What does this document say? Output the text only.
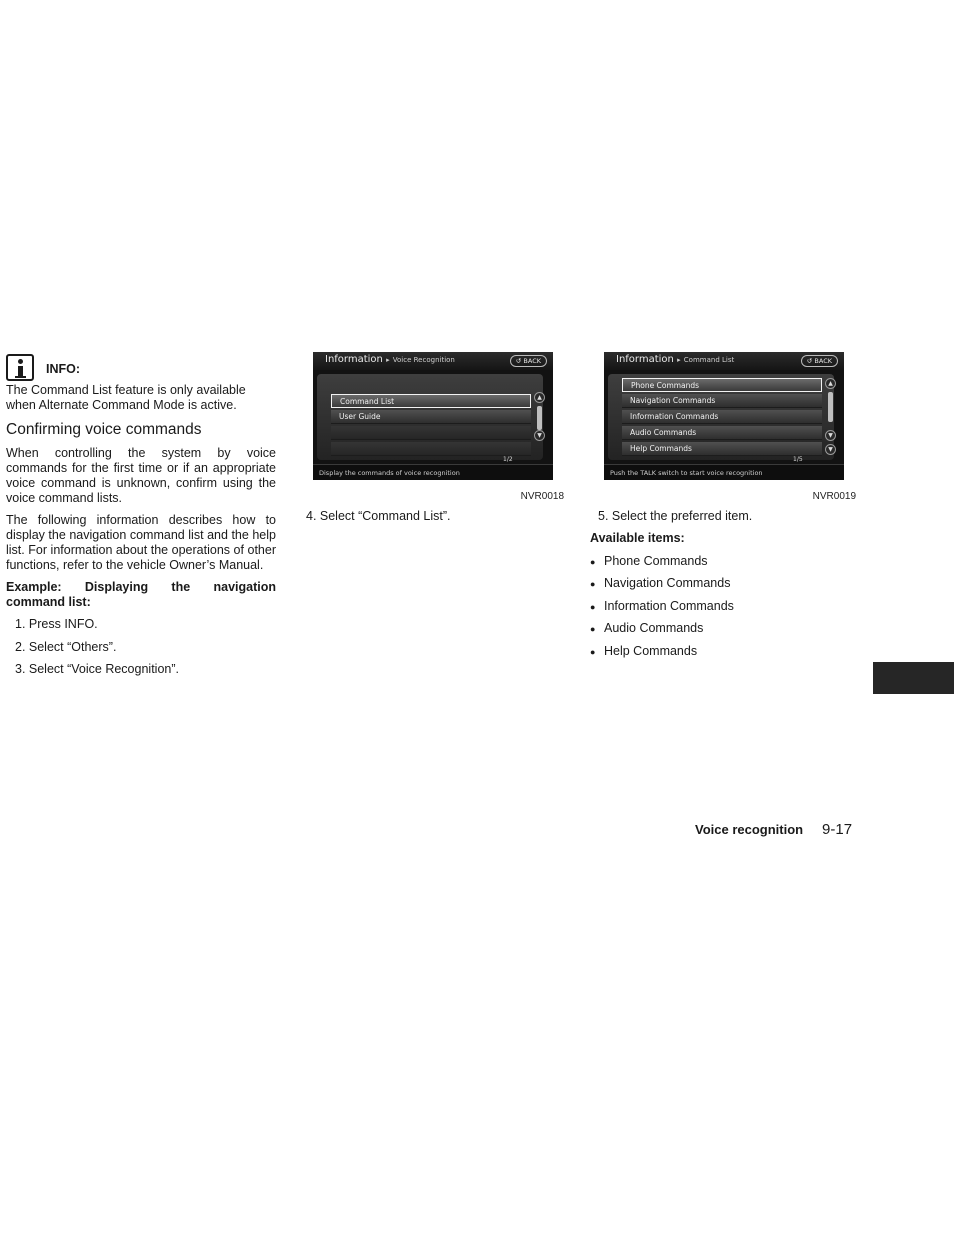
INFO:

The Command List feature is only available when Alternate Command Mode is active.

Confirming voice commands

When controlling the system by voice commands for the first time or if an appropriate voice command is unknown, confirm using the voice command lists.

The following information describes how to display the navigation command list and the help list. For information about the operations of other functions, refer to the vehicle Owner’s Manual.

Example: Displaying the navigation command list:

1. Press INFO.

2. Select “Others”.

3. Select “Voice Recognition”.

Information ▸ Voice Recognition	↺ BACK
Command List
User Guide
▲
▼
1/2
Display the commands of voice recognition
NVR0018

4. Select “Command List”.

Information ▸ Command List	↺ BACK
Phone Commands
Navigation Commands
Information Commands
Audio Commands
Help Commands
▲
▼
▼
1/5
Push the TALK switch to start voice recognition
NVR0019

5. Select the preferred item.

Available items:
● Phone Commands
● Navigation Commands
● Information Commands
● Audio Commands
● Help Commands
Voice recognition 9-17
